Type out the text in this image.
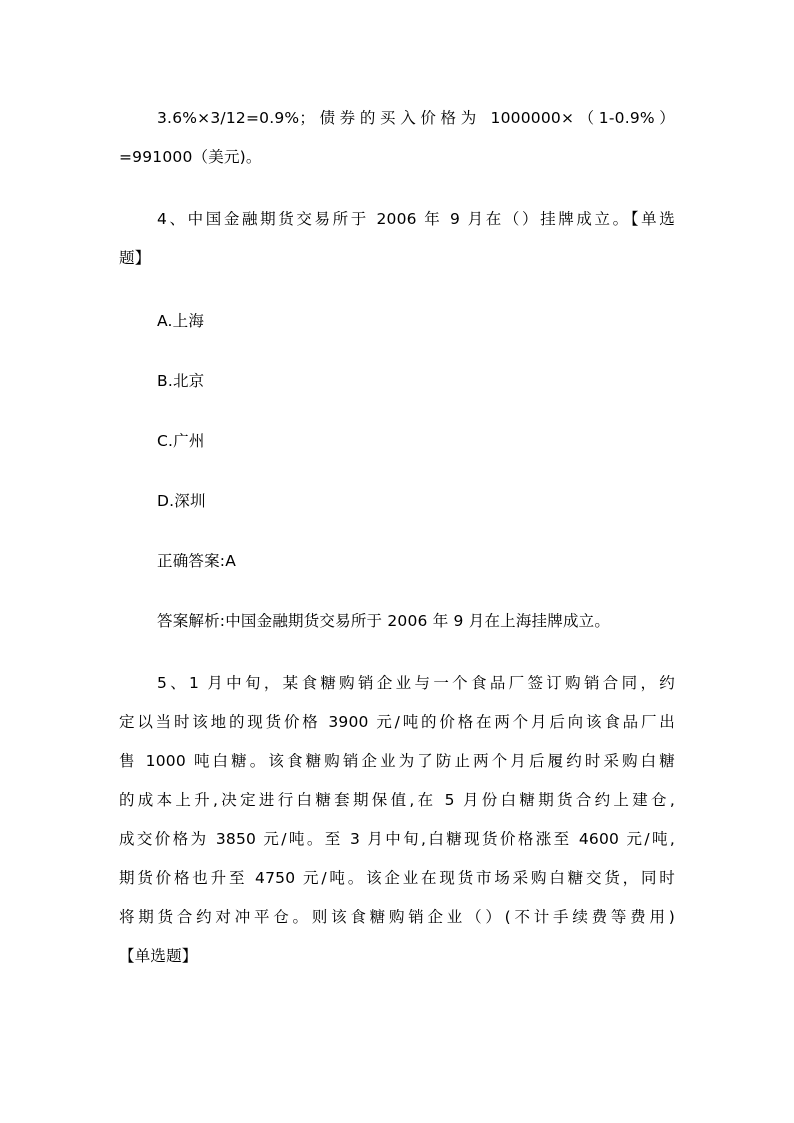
3.6%×3/12=0.9%；债券的买入价格为 1000000×（1-0.9%）
=991000（美元)。
4、中国金融期货交易所于 2006 年 9 月在（）挂牌成立。【单选
题】
A.上海
B.北京
C.广州
D.深圳
正确答案:A
答案解析:中国金融期货交易所于 2006 年 9 月在上海挂牌成立。
5、1 月中旬，某食糖购销企业与一个食品厂签订购销合同，约
定以当时该地的现货价格 3900 元/吨的价格在两个月后向该食品厂出
售 1000 吨白糖。该食糖购销企业为了防止两个月后履约时采购白糖
的成本上升,决定进行白糖套期保值,在 5 月份白糖期货合约上建仓,
成交价格为 3850 元/吨。至 3 月中旬,白糖现货价格涨至 4600 元/吨,
期货价格也升至 4750 元/吨。该企业在现货市场采购白糖交货，同时
将期货合约对冲平仓。则该食糖购销企业（）(不计手续费等费用)
【单选题】
